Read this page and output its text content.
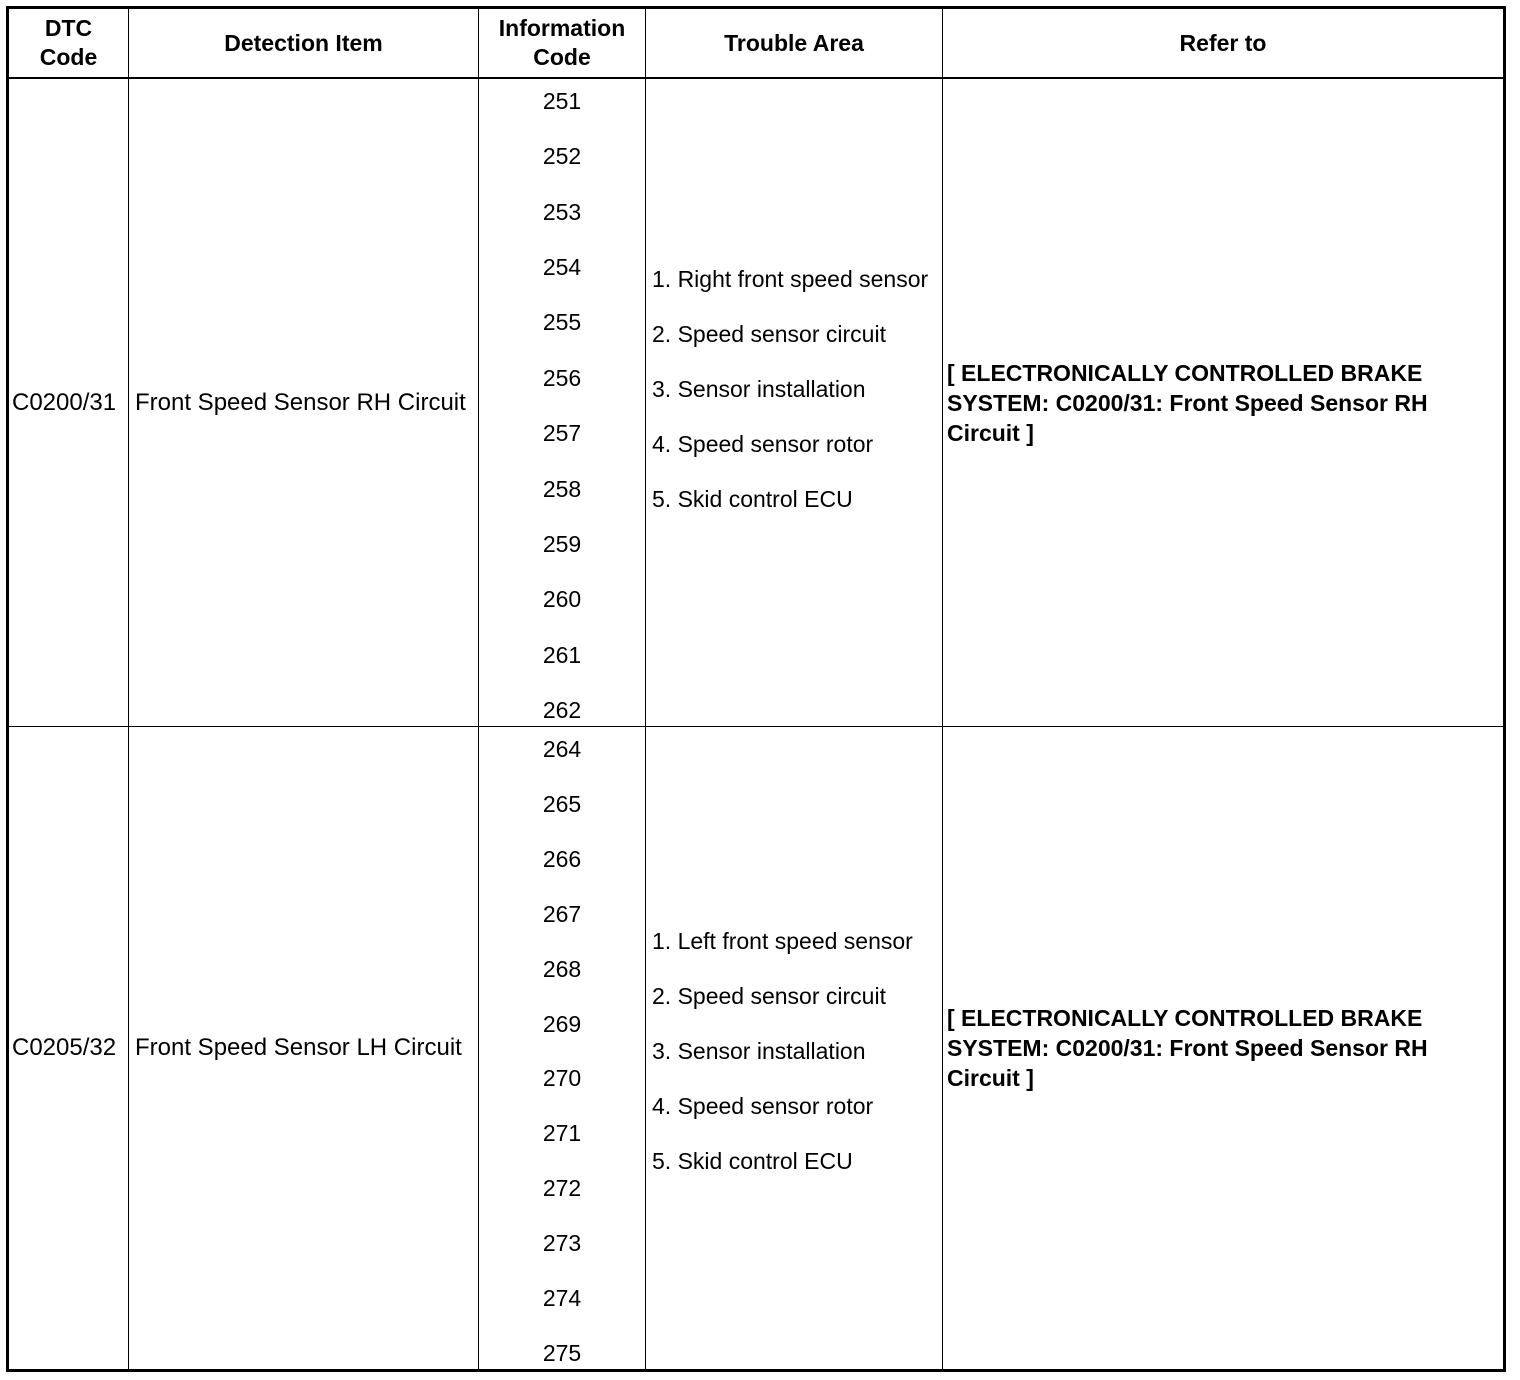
DTC
Code
Detection Item
Information
Code
Trouble Area	Refer to
C0200/31 Front Speed Sensor RH Circuit
251
252
253
254
255
256
257
258
259
260
261
262
1. Right front speed sensor
2. Speed sensor circuit
3. Sensor installation
4. Speed sensor rotor
5. Skid control ECU
[ ELECTRONICALLY CONTROLLED BRAKE SYSTEM: C0200/31: Front Speed Sensor RH Circuit ]
C0205/32 Front Speed Sensor LH Circuit
264
265
266
267
268
269
270
271
272
273
274
275
1. Left front speed sensor
2. Speed sensor circuit
3. Sensor installation
4. Speed sensor rotor
5. Skid control ECU
[ ELECTRONICALLY CONTROLLED BRAKE SYSTEM: C0200/31: Front Speed Sensor RH Circuit ]
